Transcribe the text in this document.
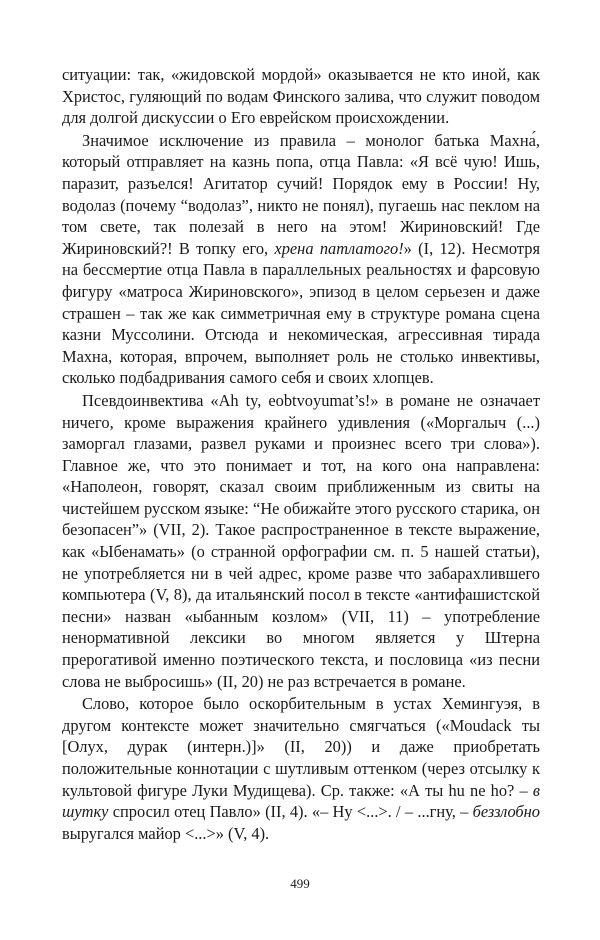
ситуации: так, «жидовской мордой» оказывается не кто иной, как Христос, гуляющий по водам Финского залива, что служит поводом для долгой дискуссии о Его еврейском происхождении.

Значимое исключение из правила – монолог батька Махна́, который отправляет на казнь попа, отца Павла: «Я всё чую! Ишь, паразит, разъелся! Агитатор сучий! Порядок ему в России! Ну, водолаз (почему “водолаз”, никто не понял), пугаешь нас пеклом на том свете, так полезай в него на этом! Жириновский! Где Жириновский?! В топку его, хрена патлатого!» (I, 12). Несмотря на бессмертие отца Павла в параллельных реальностях и фарсовую фигуру «матроса Жириновского», эпизод в целом серьезен и даже страшен – так же как симметричная ему в структуре романа сцена казни Муссолини. Отсюда и некомическая, агрессивная тирада Махна, которая, впрочем, выполняет роль не столько инвективы, сколько подбадривания самого себя и своих хлопцев.

Псевдоинвектива «Ah ty, eobtvoyumat’s!» в романе не означает ничего, кроме выражения крайнего удивления («Моргалыч (...) заморгал глазами, развел руками и произнес всего три слова»). Главное же, что это понимает и тот, на кого она направлена: «Наполеон, говорят, сказал своим приближенным из свиты на чистейшем русском языке: “Не обижайте этого русского старика, он безопасен”» (VII, 2). Такое распространенное в тексте выражение, как «Ыбенамать» (о странной орфографии см. п. 5 нашей статьи), не употребляется ни в чей адрес, кроме разве что забарахлившего компьютера (V, 8), да итальянский посол в тексте «антифашистской песни» назван «ыбанным козлом» (VII, 11) – употребление ненормативной лексики во многом является у Штерна прерогативой именно поэтического текста, и пословица «из песни слова не выбросишь» (II, 20) не раз встречается в романе.

Слово, которое было оскорбительным в устах Хемингуэя, в другом контексте может значительно смягчаться («Moudack ты [Олух, дурак (интерн.)]» (II, 20)) и даже приобретать положительные коннотации с шутливым оттенком (через отсылку к культовой фигуре Луки Мудищева). Ср. также: «А ты hu ne ho? – в шутку спросил отец Павло» (II, 4). «– Ну <...>. / – ...гну, – беззлобно выругался майор <...>» (V, 4).

499
